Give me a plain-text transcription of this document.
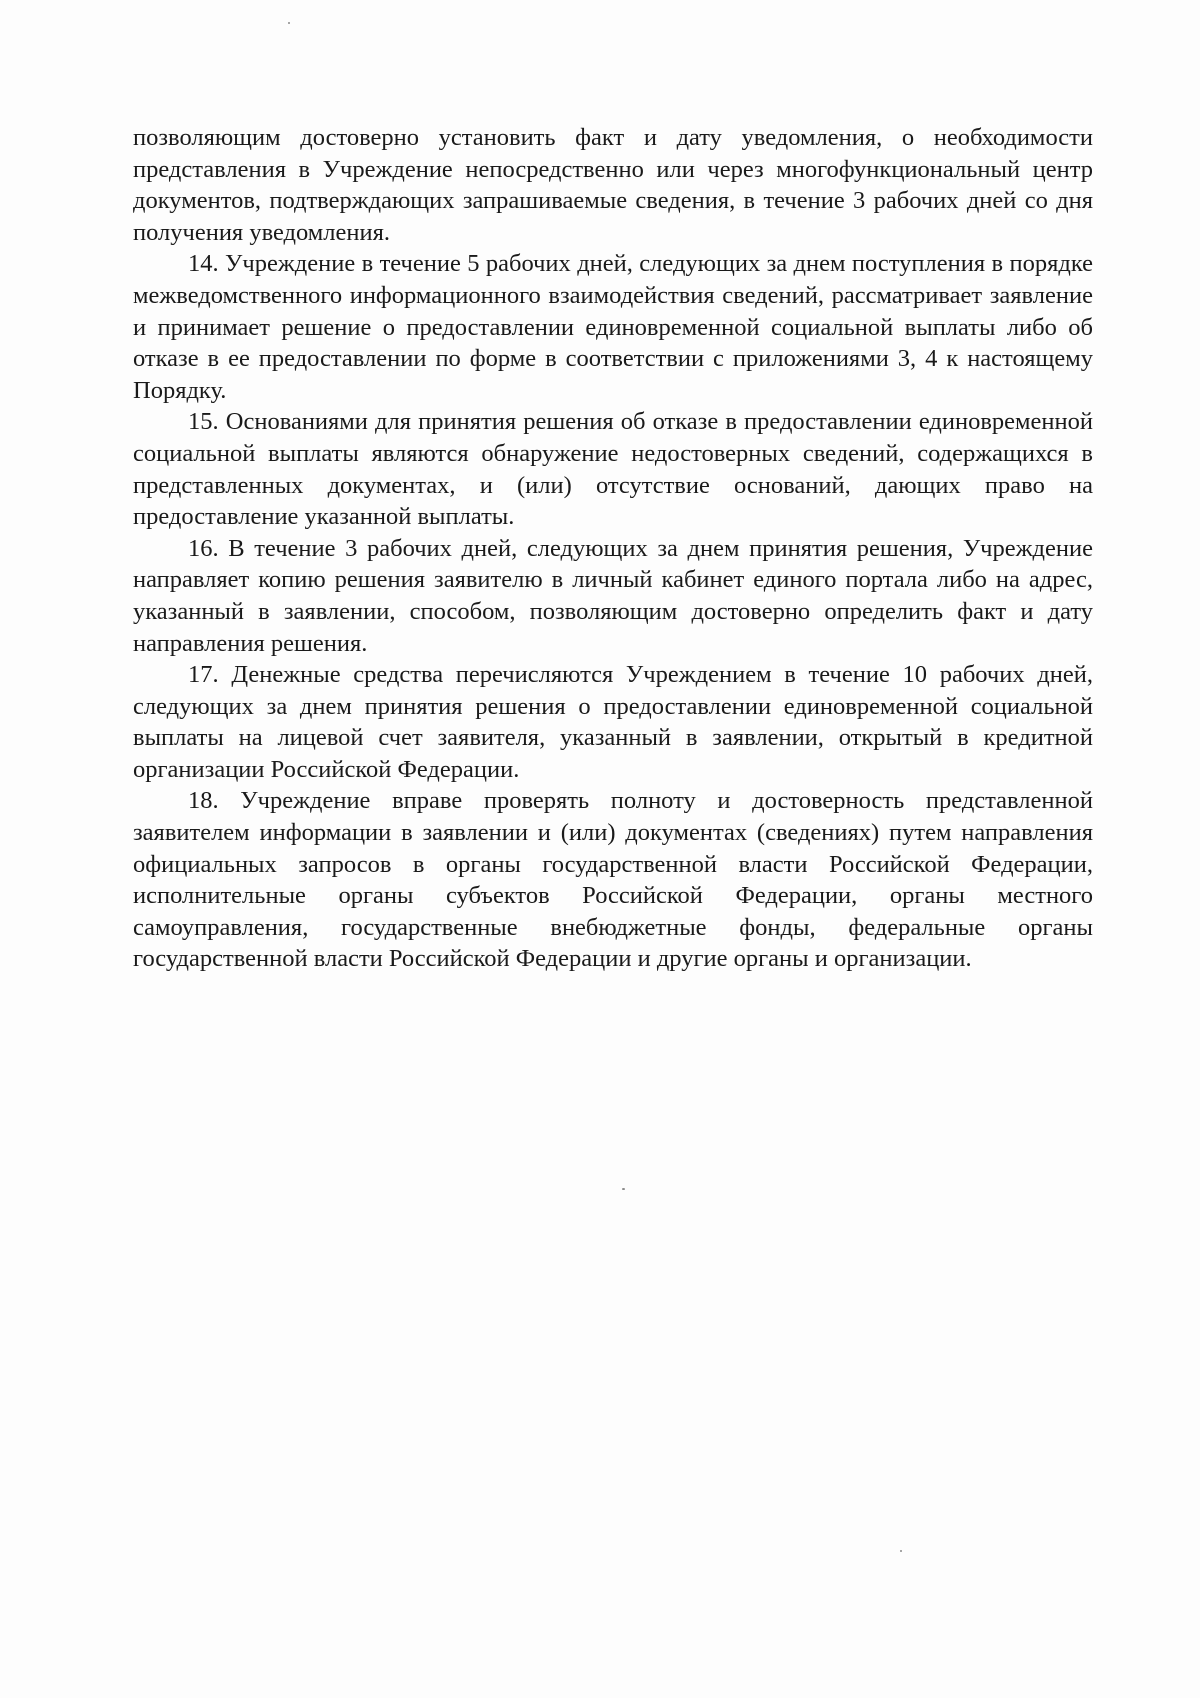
позволяющим достоверно установить факт и дату уведомления, о необходимости представления в Учреждение непосредственно или через многофункциональный центр документов, подтверждающих запрашиваемые сведения, в течение 3 рабочих дней со дня получения уведомления.

14. Учреждение в течение 5 рабочих дней, следующих за днем поступления в порядке межведомственного информационного взаимодействия сведений, рассматривает заявление и принимает решение о предоставлении единовременной социальной выплаты либо об отказе в ее предоставлении по форме в соответствии с приложениями 3, 4 к настоящему Порядку.

15. Основаниями для принятия решения об отказе в предоставлении единовременной социальной выплаты являются обнаружение недостоверных сведений, содержащихся в представленных документах, и (или) отсутствие оснований, дающих право на предоставление указанной выплаты.

16. В течение 3 рабочих дней, следующих за днем принятия решения, Учреждение направляет копию решения заявителю в личный кабинет единого портала либо на адрес, указанный в заявлении, способом, позволяющим достоверно определить факт и дату направления решения.

17. Денежные средства перечисляются Учреждением в течение 10 рабочих дней, следующих за днем принятия решения о предоставлении единовременной социальной выплаты на лицевой счет заявителя, указанный в заявлении, открытый в кредитной организации Российской Федерации.

18. Учреждение вправе проверять полноту и достоверность представленной заявителем информации в заявлении и (или) документах (сведениях) путем направления официальных запросов в органы государственной власти Российской Федерации, исполнительные органы субъектов Российской Федерации, органы местного самоуправления, государственные внебюджетные фонды, федеральные органы государственной власти Российской Федерации и другие органы и организации.
